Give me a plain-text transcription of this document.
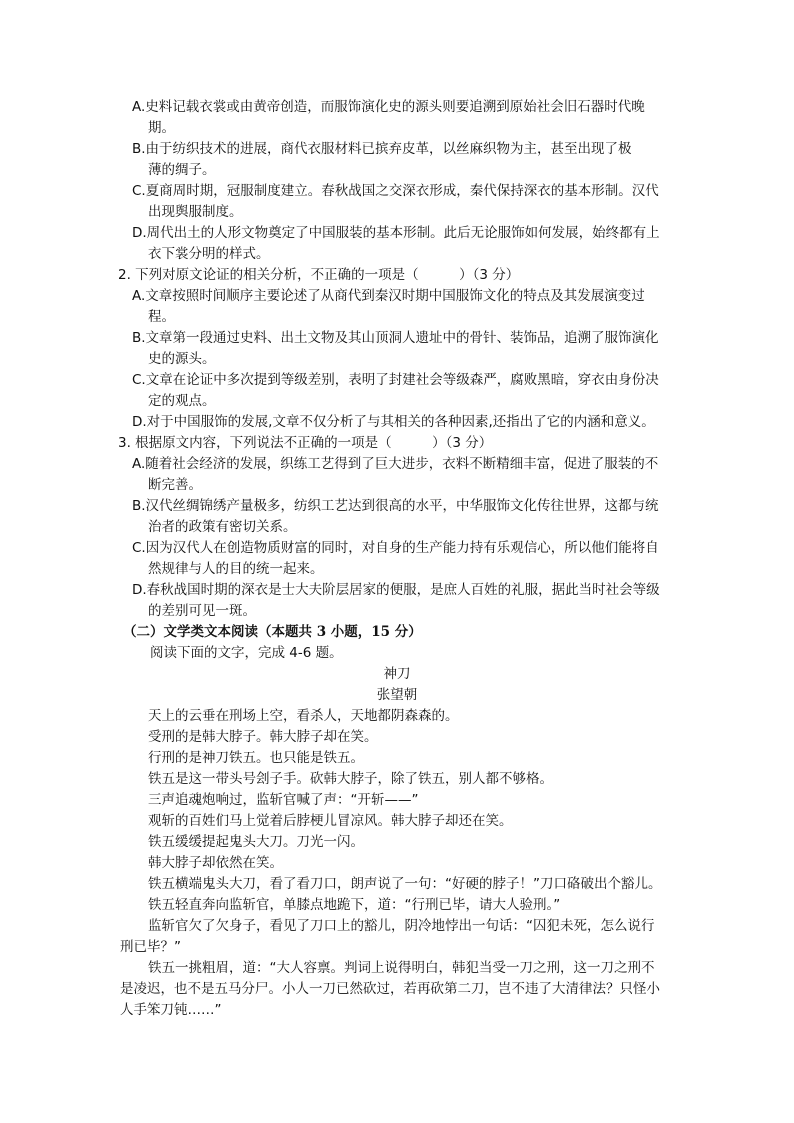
A.史料记载衣裳或由黄帝创造，而服饰演化史的源头则要追溯到原始社会旧石器时代晚
期。
B.由于纺织技术的进展，商代衣服材料已摈弃皮革，以丝麻织物为主，甚至出现了极
薄的绸子。
C.夏商周时期，冠服制度建立。春秋战国之交深衣形成，秦代保持深衣的基本形制。汉代
出现舆服制度。
D.周代出土的人形文物奠定了中国服装的基本形制。此后无论服饰如何发展，始终都有上
衣下裳分明的样式。
2. 下列对原文论证的相关分析，不正确的一项是（　　　）（3 分）
A.文章按照时间顺序主要论述了从商代到秦汉时期中国服饰文化的特点及其发展演变过
程。
B.文章第一段通过史料、出土文物及其山顶洞人遗址中的骨针、装饰品，追溯了服饰演化
史的源头。
C.文章在论证中多次提到等级差别，表明了封建社会等级森严，腐败黑暗，穿衣由身份决
定的观点。
D.对于中国服饰的发展,文章不仅分析了与其相关的各种因素,还指出了它的内涵和意义。
3. 根据原文内容，下列说法不正确的一项是（　　　）（3 分）
A.随着社会经济的发展，织练工艺得到了巨大进步，衣料不断精细丰富，促进了服装的不
断完善。
B.汉代丝绸锦绣产量极多，纺织工艺达到很高的水平，中华服饰文化传往世界，这都与统
治者的政策有密切关系。
C.因为汉代人在创造物质财富的同时，对自身的生产能力持有乐观信心，所以他们能将自
然规律与人的目的统一起来。
D.春秋战国时期的深衣是士大夫阶层居家的便服，是庶人百姓的礼服，据此当时社会等级
的差别可见一斑。
（二）文学类文本阅读（本题共 3 小题，15 分）
阅读下面的文字，完成 4-6 题。
神刀
张望朝
天上的云垂在刑场上空，看杀人，天地都阴森森的。
受刑的是韩大脖子。韩大脖子却在笑。
行刑的是神刀铁五。也只能是铁五。
铁五是这一带头号刽子手。砍韩大脖子，除了铁五，别人都不够格。
三声追魂炮响过，监斩官喊了声：“开斩——”
观斩的百姓们马上觉着后脖梗儿冒凉风。韩大脖子却还在笑。
铁五缓缓提起鬼头大刀。刀光一闪。
韩大脖子却依然在笑。
铁五横端鬼头大刀，看了看刀口，朗声说了一句：“好硬的脖子！”刀口硌破出个豁儿。
铁五轻直奔向监斩官，单膝点地跪下，道：“行刑已毕，请大人验刑。”
监斩官欠了欠身子，看见了刀口上的豁儿，阴冷地悖出一句话：“囚犯未死，怎么说行
刑已毕？”
铁五一挑粗眉，道：“大人容禀。判词上说得明白，韩犯当受一刀之刑，这一刀之刑不
是凌迟，也不是五马分尸。小人一刀已然砍过，若再砍第二刀，岂不违了大清律法？只怪小
人手笨刀钝……”
